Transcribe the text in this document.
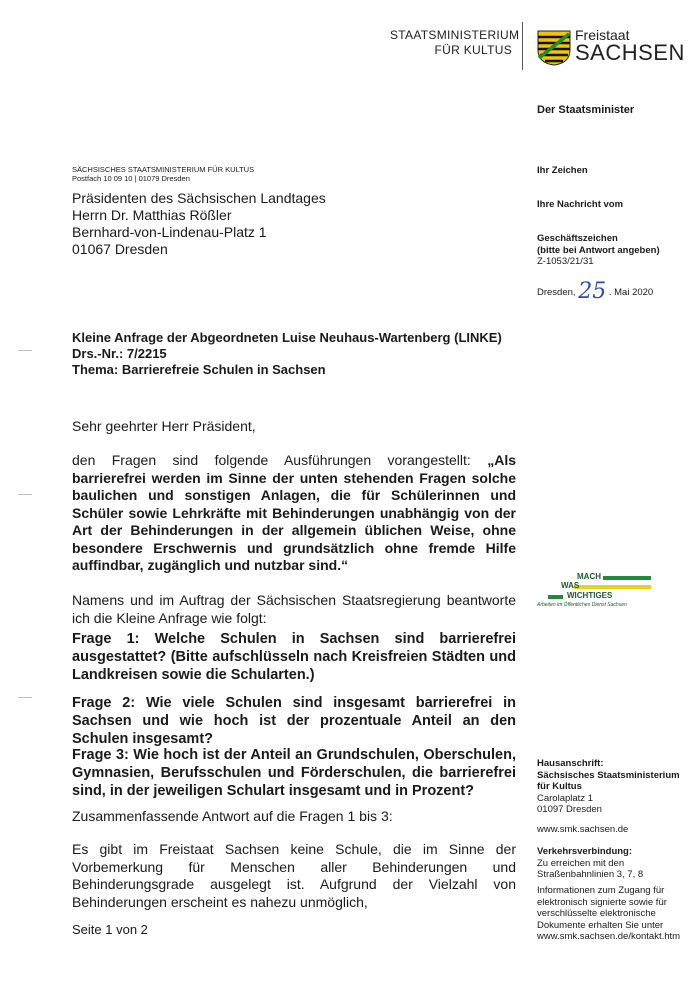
STAATSMINISTERIUM
FÜR KULTUS
Freistaat
SACHSEN
Der Staatsminister
SÄCHSISCHES STAATSMINISTERIUM FÜR KULTUS
Postfach 10 09 10 | 01079 Dresden
Präsidenten des Sächsischen Landtages
Herrn Dr. Matthias Rößler
Bernhard-von-Lindenau-Platz 1
01067 Dresden
Ihr Zeichen
Ihre Nachricht vom
Geschäftszeichen
(bitte bei Antwort angeben)
Z-1053/21/31
Dresden, 25 . Mai 2020
Kleine Anfrage der Abgeordneten Luise Neuhaus-Wartenberg (LINKE)
Drs.-Nr.: 7/2215
Thema: Barrierefreie Schulen in Sachsen
Sehr geehrter Herr Präsident,
den Fragen sind folgende Ausführungen vorangestellt: „Als barrierefrei werden im Sinne der unten stehenden Fragen solche baulichen und sonstigen Anlagen, die für Schülerinnen und Schüler sowie Lehrkräfte mit Behinderungen unabhängig von der Art der Behinderungen in der allgemein üblichen Weise, ohne besondere Erschwernis und grundsätzlich ohne fremde Hilfe auffindbar, zugänglich und nutzbar sind.“
Namens und im Auftrag der Sächsischen Staatsregierung beantworte ich die Kleine Anfrage wie folgt:
Frage 1: Welche Schulen in Sachsen sind barrierefrei ausgestattet? (Bitte aufschlüsseln nach Kreisfreien Städten und Landkreisen sowie die Schularten.)
Frage 2: Wie viele Schulen sind insgesamt barrierefrei in Sachsen und wie hoch ist der prozentuale Anteil an den Schulen insgesamt?
Frage 3: Wie hoch ist der Anteil an Grundschulen, Oberschulen, Gymnasien, Berufsschulen und Förderschulen, die barrierefrei sind, in der jeweiligen Schulart insgesamt und in Prozent?
Zusammenfassende Antwort auf die Fragen 1 bis 3:
Es gibt im Freistaat Sachsen keine Schule, die im Sinne der Vorbemerkung für Menschen aller Behinderungen und Behinderungsgrade ausgelegt ist. Aufgrund der Vielzahl von Behinderungen erscheint es nahezu unmöglich,
MACH
WAS
WICHTIGES
Arbeiten im Öffentlichen Dienst Sachsen
Hausanschrift:
Sächsisches Staatsministerium
für Kultus
Carolaplatz 1
01097 Dresden
www.smk.sachsen.de
Verkehrsverbindung:
Zu erreichen mit den
Straßenbahnlinien 3, 7, 8
Informationen zum Zugang für
elektronisch signierte sowie für
verschlüsselte elektronische
Dokumente erhalten Sie unter
www.smk.sachsen.de/kontakt.htm
Seite 1 von 2
